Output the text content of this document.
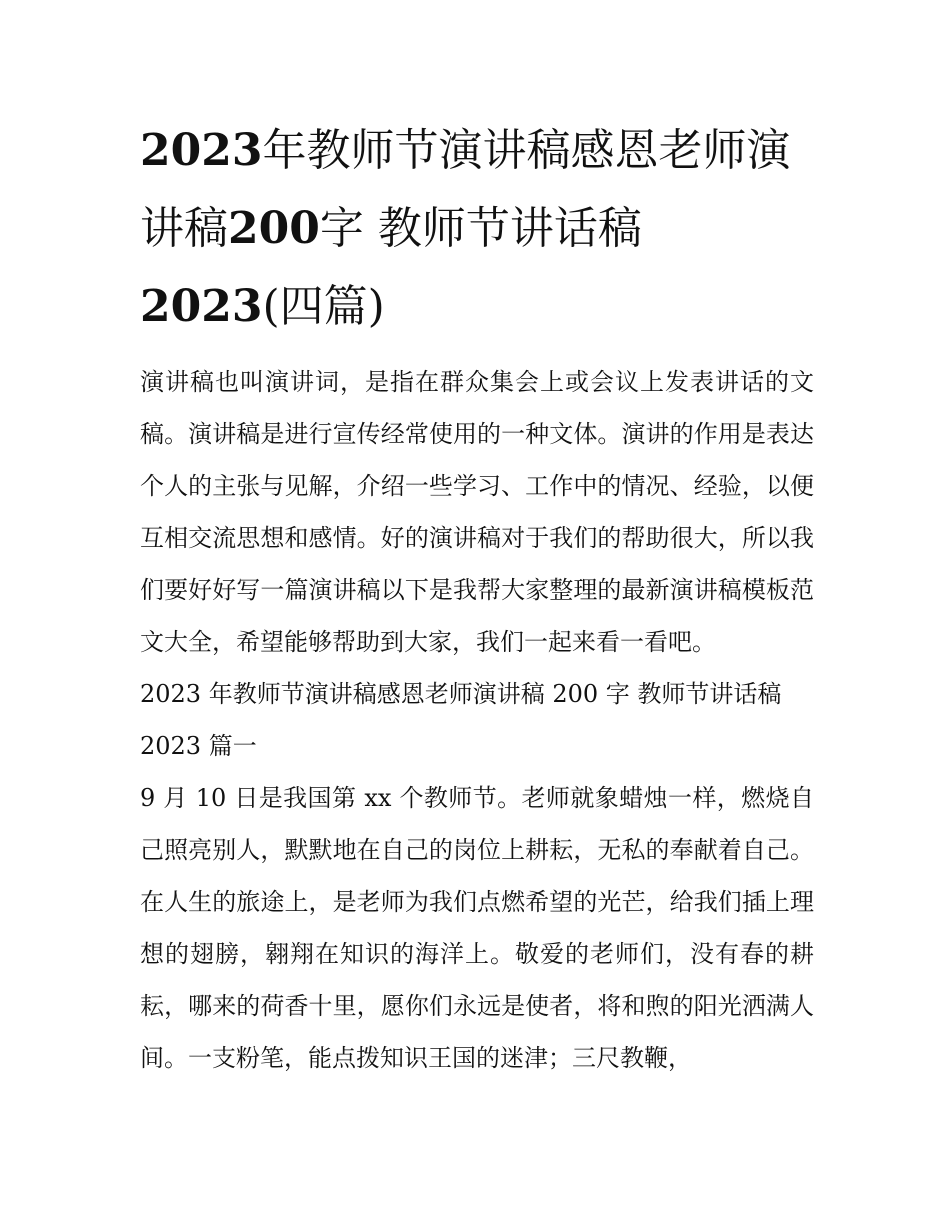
2023年教师节演讲稿感恩老师演讲稿200字 教师节讲话稿
2023(四篇)

演讲稿也叫演讲词，是指在群众集会上或会议上发表讲话的文稿。演讲稿是进行宣传经常使用的一种文体。演讲的作用是表达个人的主张与见解，介绍一些学习、工作中的情况、经验，以便互相交流思想和感情。好的演讲稿对于我们的帮助很大，所以我们要好好写一篇演讲稿以下是我帮大家整理的最新演讲稿模板范文大全，希望能够帮助到大家，我们一起来看一看吧。

2023 年教师节演讲稿感恩老师演讲稿 200 字 教师节讲话稿

2023 篇一

9 月 10 日是我国第 xx 个教师节。老师就象蜡烛一样，燃烧自己照亮别人，默默地在自己的岗位上耕耘，无私的奉献着自己。在人生的旅途上，是老师为我们点燃希望的光芒，给我们插上理想的翅膀，翱翔在知识的海洋上。敬爱的老师们，没有春的耕耘，哪来的荷香十里，愿你们永远是使者，将和煦的阳光洒满人间。一支粉笔，能点拨知识王国的迷津；三尺教鞭，
